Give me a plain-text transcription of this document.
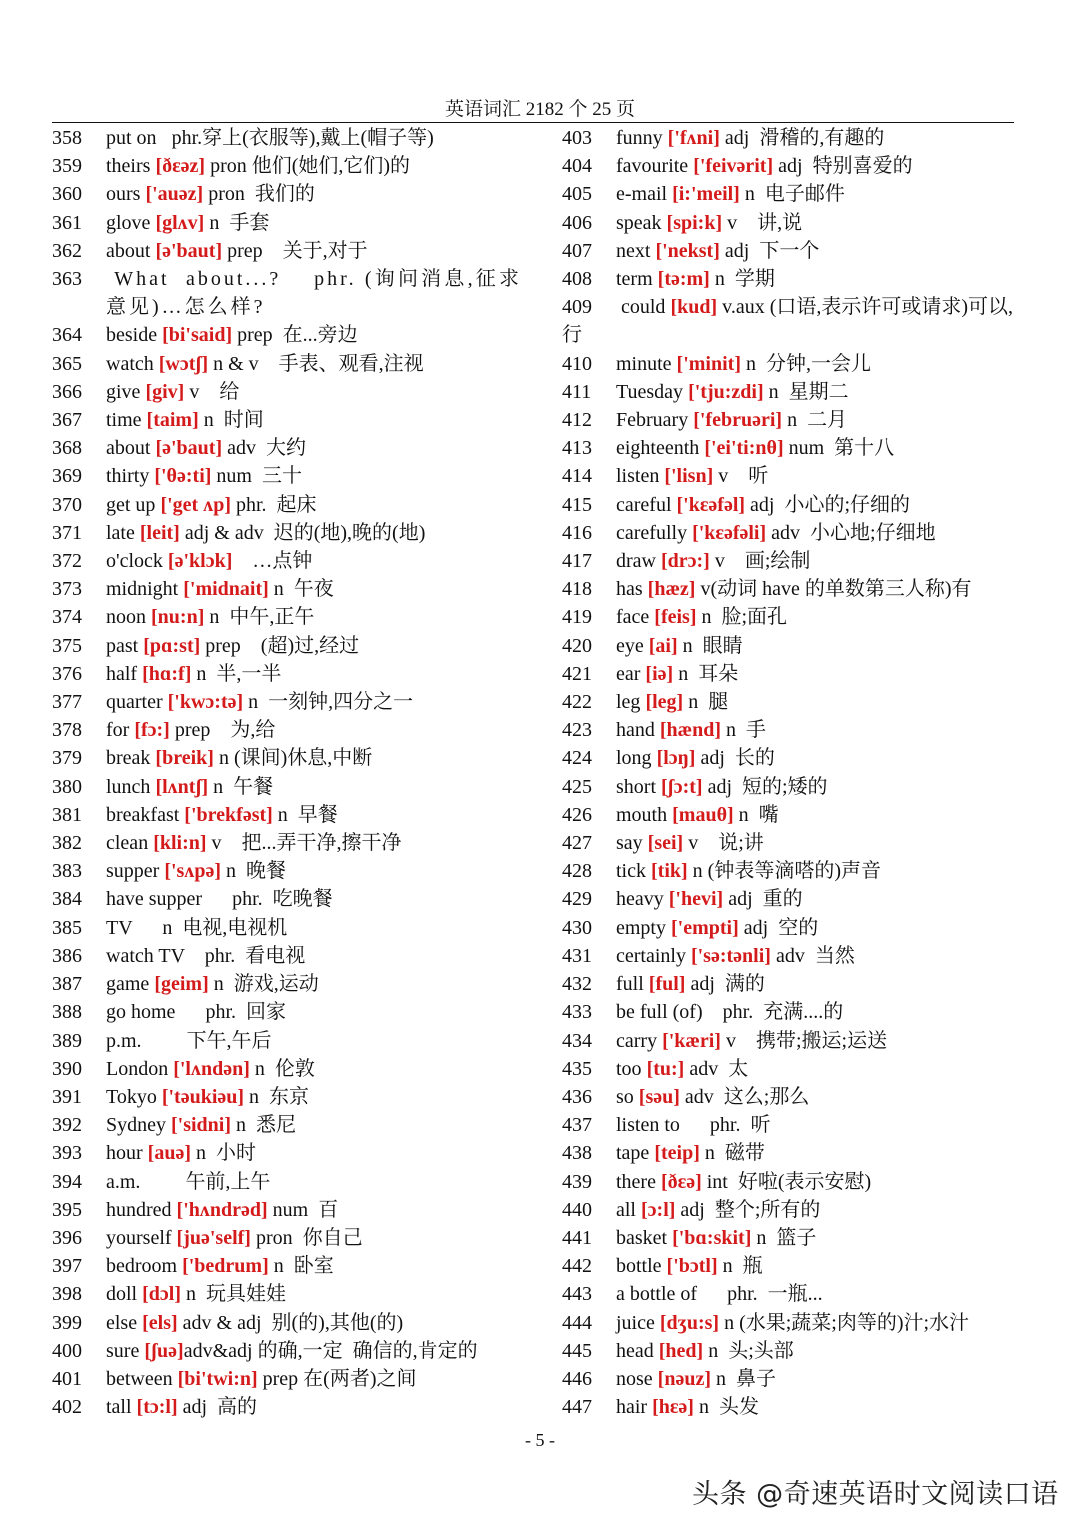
英语词汇 2182 个 25 页
358	put on   phr.穿上(衣服等),戴上(帽子等)
359	theirs [ðɛəz] pron 他们(她们,它们)的
360	ours ['auəz] pron  我们的
361	glove [glʌv] n  手套
362	about [ə'baut] prep    关于,对于
363	What  about...?    phr. (询问消息,征求意见)…怎么样?
364	beside [bi'said] prep  在...旁边
365	watch [wɔtʃ] n & v    手表、观看,注视
366	give [giv] v    给
367	time [taim] n  时间
368	about [ə'baut] adv  大约
369	thirty ['θə:ti] num  三十
370	get up ['get ʌp] phr.  起床
371	late [leit] adj & adv  迟的(地),晚的(地)
372	o'clock [ə'klɔk]    …点钟
373	midnight ['midnait] n  午夜
374	noon [nu:n] n  中午,正午
375	past [pɑ:st] prep    (超)过,经过
376	half [hɑ:f] n  半,一半
377	quarter ['kwɔ:tə] n  一刻钟,四分之一
378	for [fɔ:] prep    为,给
379	break [breik] n (课间)休息,中断
380	lunch [lʌntʃ] n  午餐
381	breakfast ['brekfəst] n  早餐
382	clean [kli:n] v    把...弄干净,擦干净
383	supper ['sʌpə] n  晚餐
384	have supper      phr.  吃晚餐
385	TV      n  电视,电视机
386	watch TV    phr.  看电视
387	game [geim] n  游戏,运动
388	go home      phr.  回家
389	p.m.         下午,午后
390	London ['lʌndən] n  伦敦
391	Tokyo ['təukiəu] n  东京
392	Sydney ['sidni] n  悉尼
393	hour [auə] n  小时
394	a.m.         午前,上午
395	hundred ['hʌndrəd] num  百
396	yourself [juə'self] pron  你自己
397	bedroom ['bedrum] n  卧室
398	doll [dɔl] n  玩具娃娃
399	else [els] adv & adj  别(的),其他(的)
400	sure [ʃuə]adv&adj 的确,一定  确信的,肯定的
401	between [bi'twi:n] prep 在(两者)之间
402	tall [tɔ:l] adj  高的
403	funny ['fʌni] adj  滑稽的,有趣的
404	favourite ['feivərit] adj  特别喜爱的
405	e-mail [i:'meil] n  电子邮件
406	speak [spi:k] v    讲,说
407	next ['nekst] adj  下一个
408	term [tə:m] n  学期
409	could [kud] v.aux (口语,表示许可或请求)可以,行
410	minute ['minit] n  分钟,一会儿
411	Tuesday ['tju:zdi] n  星期二
412	February ['februəri] n  二月
413	eighteenth ['ei'ti:nθ] num  第十八
414	listen ['lisn] v    听
415	careful ['kɛəfəl] adj  小心的;仔细的
416	carefully ['kɛəfəli] adv  小心地;仔细地
417	draw [drɔ:] v    画;绘制
418	has [hæz] v(动词 have 的单数第三人称)有
419	face [feis] n  脸;面孔
420	eye [ai] n  眼睛
421	ear [iə] n  耳朵
422	leg [leg] n  腿
423	hand [hænd] n  手
424	long [lɔŋ] adj  长的
425	short [ʃɔ:t] adj  短的;矮的
426	mouth [mauθ] n  嘴
427	say [sei] v    说;讲
428	tick [tik] n (钟表等滴嗒的)声音
429	heavy ['hevi] adj  重的
430	empty ['empti] adj  空的
431	certainly ['sə:tənli] adv  当然
432	full [ful] adj  满的
433	be full (of)    phr.  充满....的
434	carry ['kæri] v    携带;搬运;运送
435	too [tu:] adv  太
436	so [səu] adv  这么;那么
437	listen to      phr.  听
438	tape [teip] n  磁带
439	there [ðɛə] int  好啦(表示安慰)
440	all [ɔ:l] adj  整个;所有的
441	basket ['bɑ:skit] n  篮子
442	bottle ['bɔtl] n  瓶
443	a bottle of      phr.  一瓶...
444	juice [dʒu:s] n (水果;蔬菜;肉等的)汁;水汁
445	head [hed] n  头;头部
446	nose [nəuz] n  鼻子
447	hair [hɛə] n  头发
- 5 -
头条 @奇速英语时文阅读口语
